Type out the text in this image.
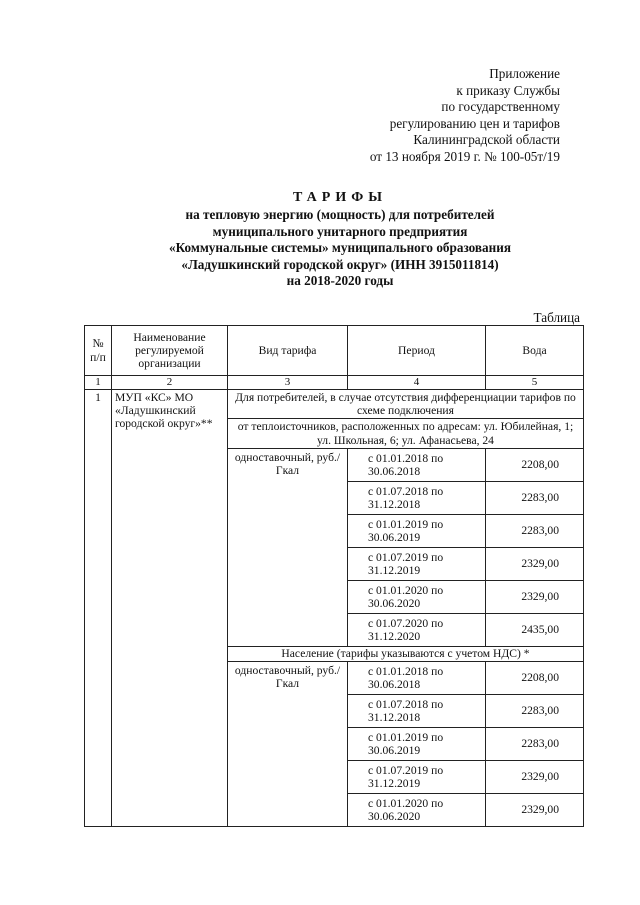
Приложение
к приказу Службы
по государственному
регулированию цен и тарифов
Калининградской области
от 13 ноября 2019 г. № 100-05т/19
ТАРИФЫ
на тепловую энергию (мощность) для потребителей
муниципального унитарного предприятия
«Коммунальные системы» муниципального образования
«Ладушкинский городской округ» (ИНН 3915011814)
на 2018-2020 годы
Таблица
№ п/п	Наименование регулируемой организации	Вид тарифа	Период	Вода
1	2	3	4	5
1	МУП «КС» МО «Ладушкинский городской округ»**	Для потребителей, в случае отсутствия дифференциации тарифов по схеме подключения		
		от теплоисточников, расположенных по адресам: ул. Юбилейная, 1; ул. Школьная, 6; ул. Афанасьева, 24		
		одноставочный, руб./Гкал	с 01.01.2018 по 30.06.2018	2208,00
			с 01.07.2018 по 31.12.2018	2283,00
			с 01.01.2019 по 30.06.2019	2283,00
			с 01.07.2019 по 31.12.2019	2329,00
			с 01.01.2020 по 30.06.2020	2329,00
			с 01.07.2020 по 31.12.2020	2435,00
		Население (тарифы указываются с учетом НДС) *		
		одноставочный, руб./Гкал	с 01.01.2018 по 30.06.2018	2208,00
			с 01.07.2018 по 31.12.2018	2283,00
			с 01.01.2019 по 30.06.2019	2283,00
			с 01.07.2019 по 31.12.2019	2329,00
			с 01.01.2020 по 30.06.2020	2329,00
